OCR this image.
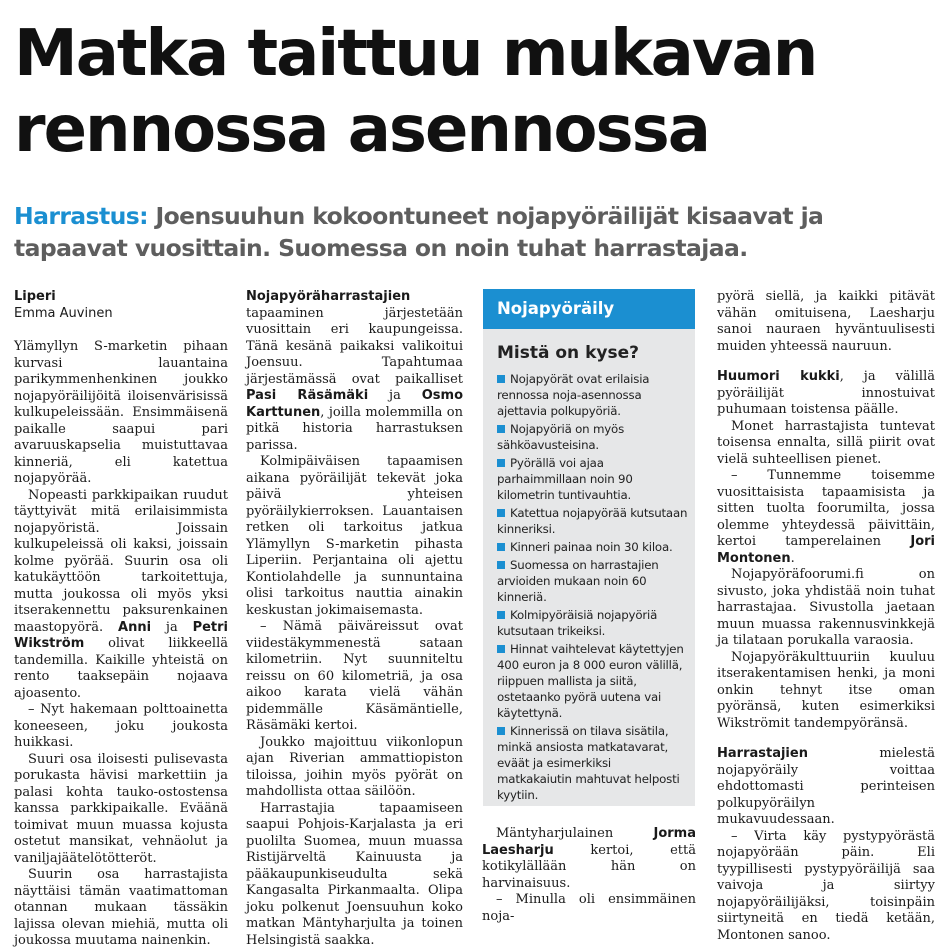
Matka taittuu mukavan
rennossa asennossa
Harrastus: Joensuuhun kokoontuneet nojapyöräilijät kisaavat ja
tapaavat vuosittain. Suomessa on noin tuhat harrastajaa.
Liperi
Emma Auvinen

Ylämyllyn S-marketin pihaan kurvasi lauantaina parikymmenhenkinen joukko nojapyöräilijöitä iloisenvärisissä kulkupeleissään. Ensimmäisenä paikalle saapui pari avaruuskapselia muistuttavaa kinneriä, eli katettua nojapyörää.

Nopeasti parkkipaikan ruudut täyttyivät mitä erilaisimmista nojapyöristä. Joissain kulkupeleissä oli kaksi, joissain kolme pyörää. Suurin osa oli katukäyttöön tarkoitettuja, mutta joukossa oli myös yksi itserakennettu paksurenkainen maastopyörä. Anni ja Petri Wikström olivat liikkeellä tandemilla. Kaikille yhteistä on rento taaksepäin nojaava ajoasento.

– Nyt hakemaan polttoainetta koneeseen, joku joukosta huikkasi.

Suuri osa iloisesti pulisevasta porukasta hävisi markettiin ja palasi kohta tauko-ostostensa kanssa parkkipaikalle. Eväänä toimivat muun muassa kojusta ostetut mansikat, vehnäolut ja vaniljajäätelötötteröt.

Suurin osa harrastajista näyttäisi tämän vaatimattoman otannan mukaan tässäkin lajissa olevan miehiä, mutta oli joukossa muutama nainenkin.

Nojapyöräharrastajien tapaaminen järjestetään vuosittain eri kaupungeissa. Tänä kesänä paikaksi valikoitui Joensuu. Tapahtumaa järjestämässä ovat paikalliset Pasi Räsämäki ja Osmo Karttunen, joilla molemmilla on pitkä historia harrastuksen parissa.

Kolmipäiväisen tapaamisen aikana pyöräilijät tekevät joka päivä yhteisen pyöräilykierroksen. Lauantaisen retken oli tarkoitus jatkua Ylämyllyn S-marketin pihasta Liperiin. Perjantaina oli ajettu Kontiolahdelle ja sunnuntaina olisi tarkoitus nauttia ainakin keskustan jokimaisemasta.

– Nämä päiväreissut ovat viidestäkymmenestä sataan kilometriin. Nyt suunniteltu reissu on 60 kilometriä, ja osa aikoo karata vielä vähän pidemmälle Käsämäntielle, Räsämäki kertoi.

Joukko majoittuu viikonlopun ajan Riverian ammattiopiston tiloissa, joihin myös pyörät on mahdollista ottaa säilöön.

Harrastajia tapaamiseen saapui Pohjois-Karjalasta ja eri puolilta Suomea, muun muassa Ristijärveltä Kainuusta ja pääkaupunkiseudulta sekä Kangasalta Pirkanmaalta. Olipa joku polkenut Joensuuhun koko matkan Mäntyharjulta ja toinen Helsingistä saakka.

Nojapyöräily
Mistä on kyse?
Nojapyörät ovat erilaisia rennossa noja-asennossa ajettavia polkupyöriä.
Nojapyöriä on myös sähköavusteisina.
Pyörällä voi ajaa parhaimmillaan noin 90 kilometrin tuntivauhtia.
Katettua nojapyörää kutsutaan kinneriksi.
Kinneri painaa noin 30 kiloa.
Suomessa on harrastajien arvioiden mukaan noin 60 kinneriä.
Kolmipyöräisiä nojapyöriä kutsutaan trikeiksi.
Hinnat vaihtelevat käytettyjen 400 euron ja 8 000 euron välillä, riippuen mallista ja siitä, ostetaanko pyörä uutena vai käytettynä.
Kinnerissä on tilava sisätila, minkä ansiosta matkatavarat, eväät ja esimerkiksi matkakaiutin mahtuvat helposti kyytiin.

Mäntyharjulainen Jorma Laesharju kertoi, että kotikylällään hän on harvinaisuus.

– Minulla oli ensimmäinen noja-

pyörä siellä, ja kaikki pitävät vähän omituisena, Laesharju sanoi nauraen hyväntuulisesti muiden yhteessä nauruun.

Huumori kukki, ja välillä pyöräilijät innostuivat puhumaan toistensa päälle.

Monet harrastajista tuntevat toisensa ennalta, sillä piirit ovat vielä suhteellisen pienet.

– Tunnemme toisemme vuosittaisista tapaamisista ja sitten tuolta foorumilta, jossa olemme yhteydessä päivittäin, kertoi tamperelainen Jori Montonen.

Nojapyöräfoorumi.fi on sivusto, joka yhdistää noin tuhat harrastajaa. Sivustolla jaetaan muun muassa rakennusvinkkejä ja tilataan porukalla varaosia.

Nojapyöräkulttuuriin kuuluu itserakentamisen henki, ja moni onkin tehnyt itse oman pyöränsä, kuten esimerkiksi Wikströmit tandempyöränsä.

Harrastajien mielestä nojapyöräily voittaa ehdottomasti perinteisen polkupyöräilyn mukavuudessaan.

– Virta käy pystypyörästä nojapyörään päin. Eli tyypillisesti pystypyöräilijä saa vaivoja ja siirtyy nojapyöräilijäksi, toisinpäin siirtyneitä en tiedä ketään, Montonen sanoo.
